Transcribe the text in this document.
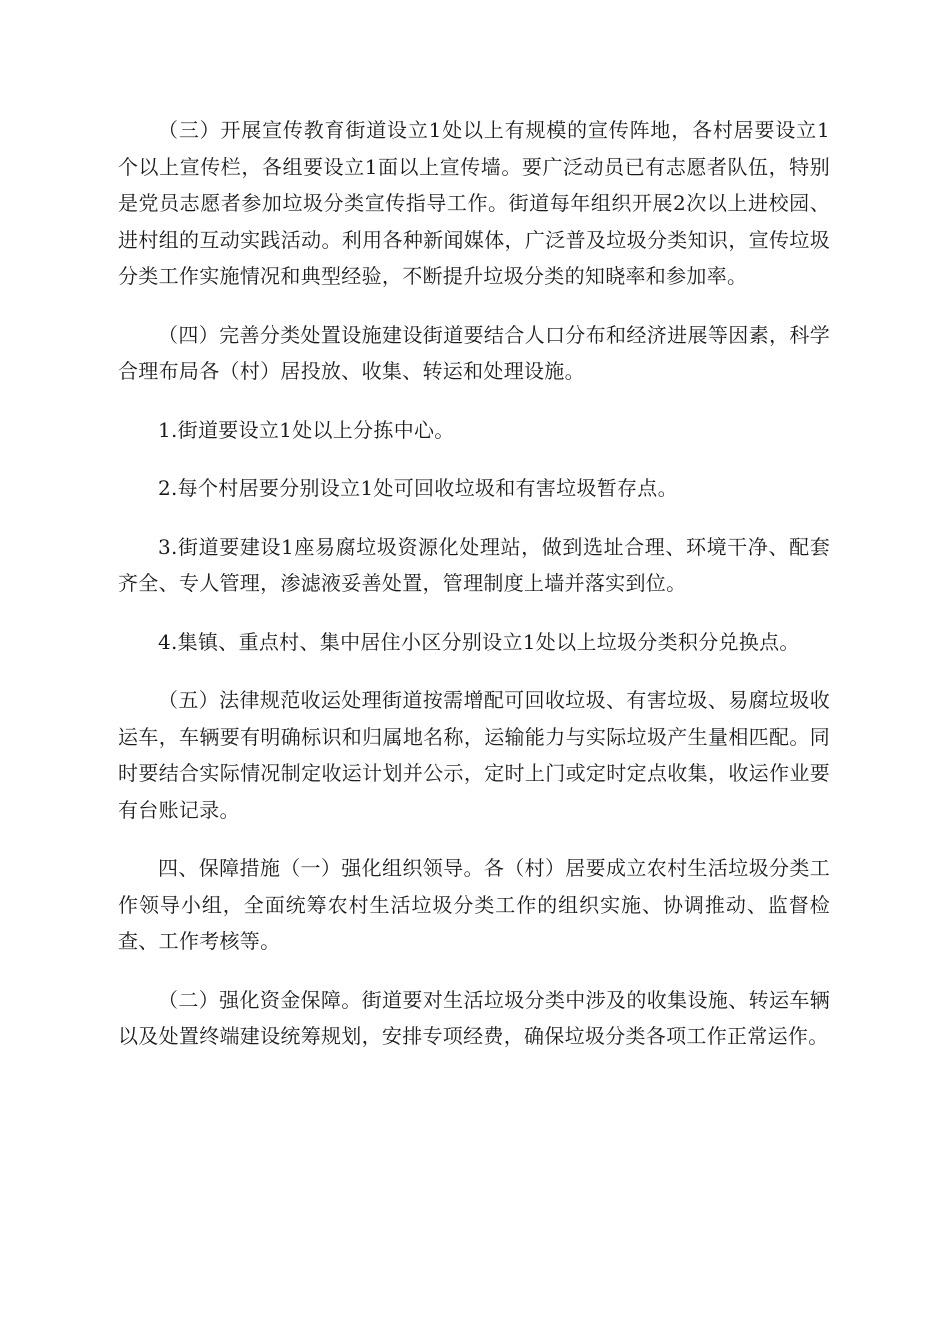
（三）开展宣传教育街道设立1处以上有规模的宣传阵地，各村居要设立1个以上宣传栏，各组要设立1面以上宣传墙。要广泛动员已有志愿者队伍，特别是党员志愿者参加垃圾分类宣传指导工作。街道每年组织开展2次以上进校园、进村组的互动实践活动。利用各种新闻媒体，广泛普及垃圾分类知识，宣传垃圾分类工作实施情况和典型经验，不断提升垃圾分类的知晓率和参加率。

（四）完善分类处置设施建设街道要结合人口分布和经济进展等因素，科学合理布局各（村）居投放、收集、转运和处理设施。

1.街道要设立1处以上分拣中心。

2.每个村居要分别设立1处可回收垃圾和有害垃圾暂存点。

3.街道要建设1座易腐垃圾资源化处理站，做到选址合理、环境干净、配套齐全、专人管理，渗滤液妥善处置，管理制度上墙并落实到位。

4.集镇、重点村、集中居住小区分别设立1处以上垃圾分类积分兑换点。

（五）法律规范收运处理街道按需增配可回收垃圾、有害垃圾、易腐垃圾收运车，车辆要有明确标识和归属地名称，运输能力与实际垃圾产生量相匹配。同时要结合实际情况制定收运计划并公示，定时上门或定时定点收集，收运作业要有台账记录。

四、保障措施（一）强化组织领导。各（村）居要成立农村生活垃圾分类工作领导小组，全面统筹农村生活垃圾分类工作的组织实施、协调推动、监督检查、工作考核等。

（二）强化资金保障。街道要对生活垃圾分类中涉及的收集设施、转运车辆以及处置终端建设统筹规划，安排专项经费，确保垃圾分类各项工作正常运作。
